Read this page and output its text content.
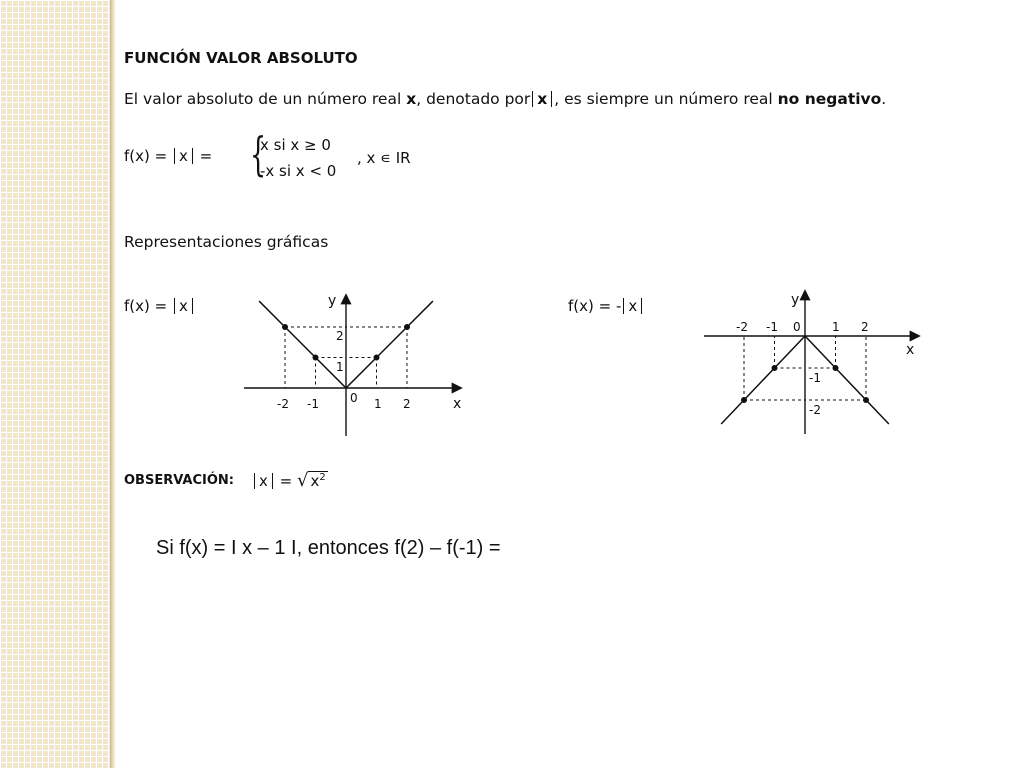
FUNCIÓN VALOR ABSOLUTO
El valor absoluto de un número real x, denotado por x , es siempre un número real no negativo.
f(x) = x = {
x si x ≥ 0
-x si x < 0
, x ∊ IR
Representaciones gráficas
f(x) = x	f(x) = - x
y
x
0
-2 -1	1 2
1
2
y
x
0
-2 -1	1 2
-1
-2
OBSERVACIÓN:	x = √ $x^2$
Si f(x) = I x – 1 I, entonces f(2) – f(-1) =
